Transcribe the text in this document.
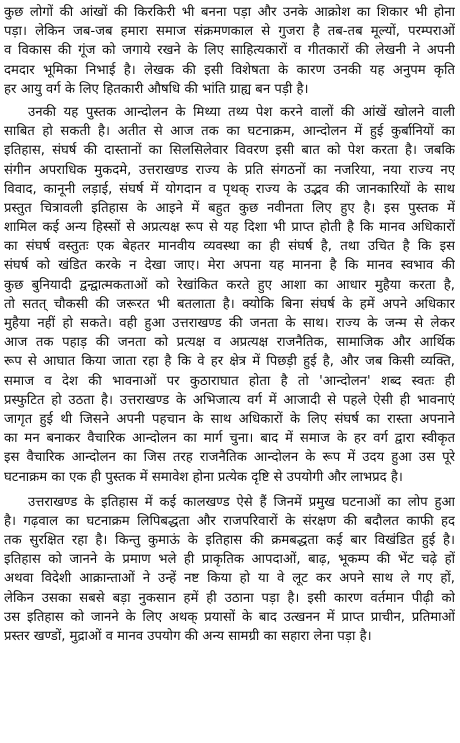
कुछ लोगों की आंखों की किरकिरी भी बनना पड़ा और उनके आक्रोश का शिकार भी होना
पड़ा। लेकिन जब-जब हमारा समाज संक्रमणकाल से गुजरा है तब-तब मूल्यों, परम्पराओं
व विकास की गूंज को जगाये रखने के लिए साहित्यकारों व गीतकारों की लेखनी ने अपनी
दमदार भूमिका निभाई है। लेखक की इसी विशेषता के कारण उनकी यह अनुपम कृति
हर आयु वर्ग के लिए हितकारी औषधि की भांति ग्राह्य बन पड़ी है।
उनकी यह पुस्तक आन्दोलन के मिथ्या तथ्य पेश करने वालों की आंखें खोलने वाली
साबित हो सकती है। अतीत से आज तक का घटनाक्रम, आन्दोलन में हुई कुर्बानियों का
इतिहास, संघर्ष की दास्तानों का सिलसिलेवार विवरण इसी बात को पेश करता है। जबकि
संगीन अपराधिक मुकदमे, उत्तराखण्ड राज्य के प्रति संगठनों का नजरिया, नया राज्य नए
विवाद, कानूनी लड़ाई, संघर्ष में योगदान व पृथक् राज्य के उद्भव की जानकारियों के साथ
प्रस्तुत चित्रावली इतिहास के आइने में बहुत कुछ नवीनता लिए हुए है। इस पुस्तक में
शामिल कई अन्य हिस्सों से अप्रत्यक्ष रूप से यह दिशा भी प्राप्त होती है कि मानव अधिकारों
का संघर्ष वस्तुतः एक बेहतर मानवीय व्यवस्था का ही संघर्ष है, तथा उचित है कि इस
संघर्ष को खंडित करके न देखा जाए। मेरा अपना यह मानना है कि मानव स्वभाव की
कुछ बुनियादी द्वन्द्वात्मकताओं को रेखांकित करते हुए आशा का आधार मुहैया करता है,
तो सतत् चौकसी की जरूरत भी बतलाता है। क्योकि बिना संघर्ष के हमें अपने अधिकार
मुहैया नहीं हो सकते। वही हुआ उत्तराखण्ड की जनता के साथ। राज्य के जन्म से लेकर
आज तक पहाड़ की जनता को प्रत्यक्ष व अप्रत्यक्ष राजनैतिक, सामाजिक और आर्थिक
रूप से आघात किया जाता रहा है कि वे हर क्षेत्र में पिछड़ी हुई है, और जब किसी व्यक्ति,
समाज व देश की भावनाओं पर कुठाराघात होता है तो 'आन्दोलन' शब्द स्वतः ही
प्रस्फुटित हो उठता है। उत्तराखण्ड के अभिजात्य वर्ग में आजादी से पहले ऐसी ही भावनाएं
जागृत हुई थी जिसने अपनी पहचान के साथ अधिकारों के लिए संघर्ष का रास्ता अपनाने
का मन बनाकर वैचारिक आन्दोलन का मार्ग चुना। बाद में समाज के हर वर्ग द्वारा स्वीकृत
इस वैचारिक आन्दोलन का जिस तरह राजनैतिक आन्दोलन के रूप में उदय हुआ उस पूरे
घटनाक्रम का एक ही पुस्तक में समावेश होना प्रत्येक दृष्टि से उपयोगी और लाभप्रद है।
उत्तराखण्ड के इतिहास में कई कालखण्ड ऐसे हैं जिनमें प्रमुख घटनाओं का लोप हुआ
है। गढ़वाल का घटनाक्रम लिपिबद्धता और राजपरिवारों के संरक्षण की बदौलत काफी हद
तक सुरक्षित रहा है। किन्तु कुमाऊं के इतिहास की क्रमबद्धता कई बार विखंडित हुई है।
इतिहास को जानने के प्रमाण भले ही प्राकृतिक आपदाओं, बाढ़, भूकम्प की भेंट चढ़े हों
अथवा विदेशी आक्रान्ताओं ने उन्हें नष्ट किया हो या वे लूट कर अपने साथ ले गए हों,
लेकिन उसका सबसे बड़ा नुकसान हमें ही उठाना पड़ा है। इसी कारण वर्तमान पीढ़ी को
उस इतिहास को जानने के लिए अथक् प्रयासों के बाद उत्खनन में प्राप्त प्राचीन, प्रतिमाओं
प्रस्तर खण्डों, मुद्राओं व मानव उपयोग की अन्य सामग्री का सहारा लेना पड़ा है।
